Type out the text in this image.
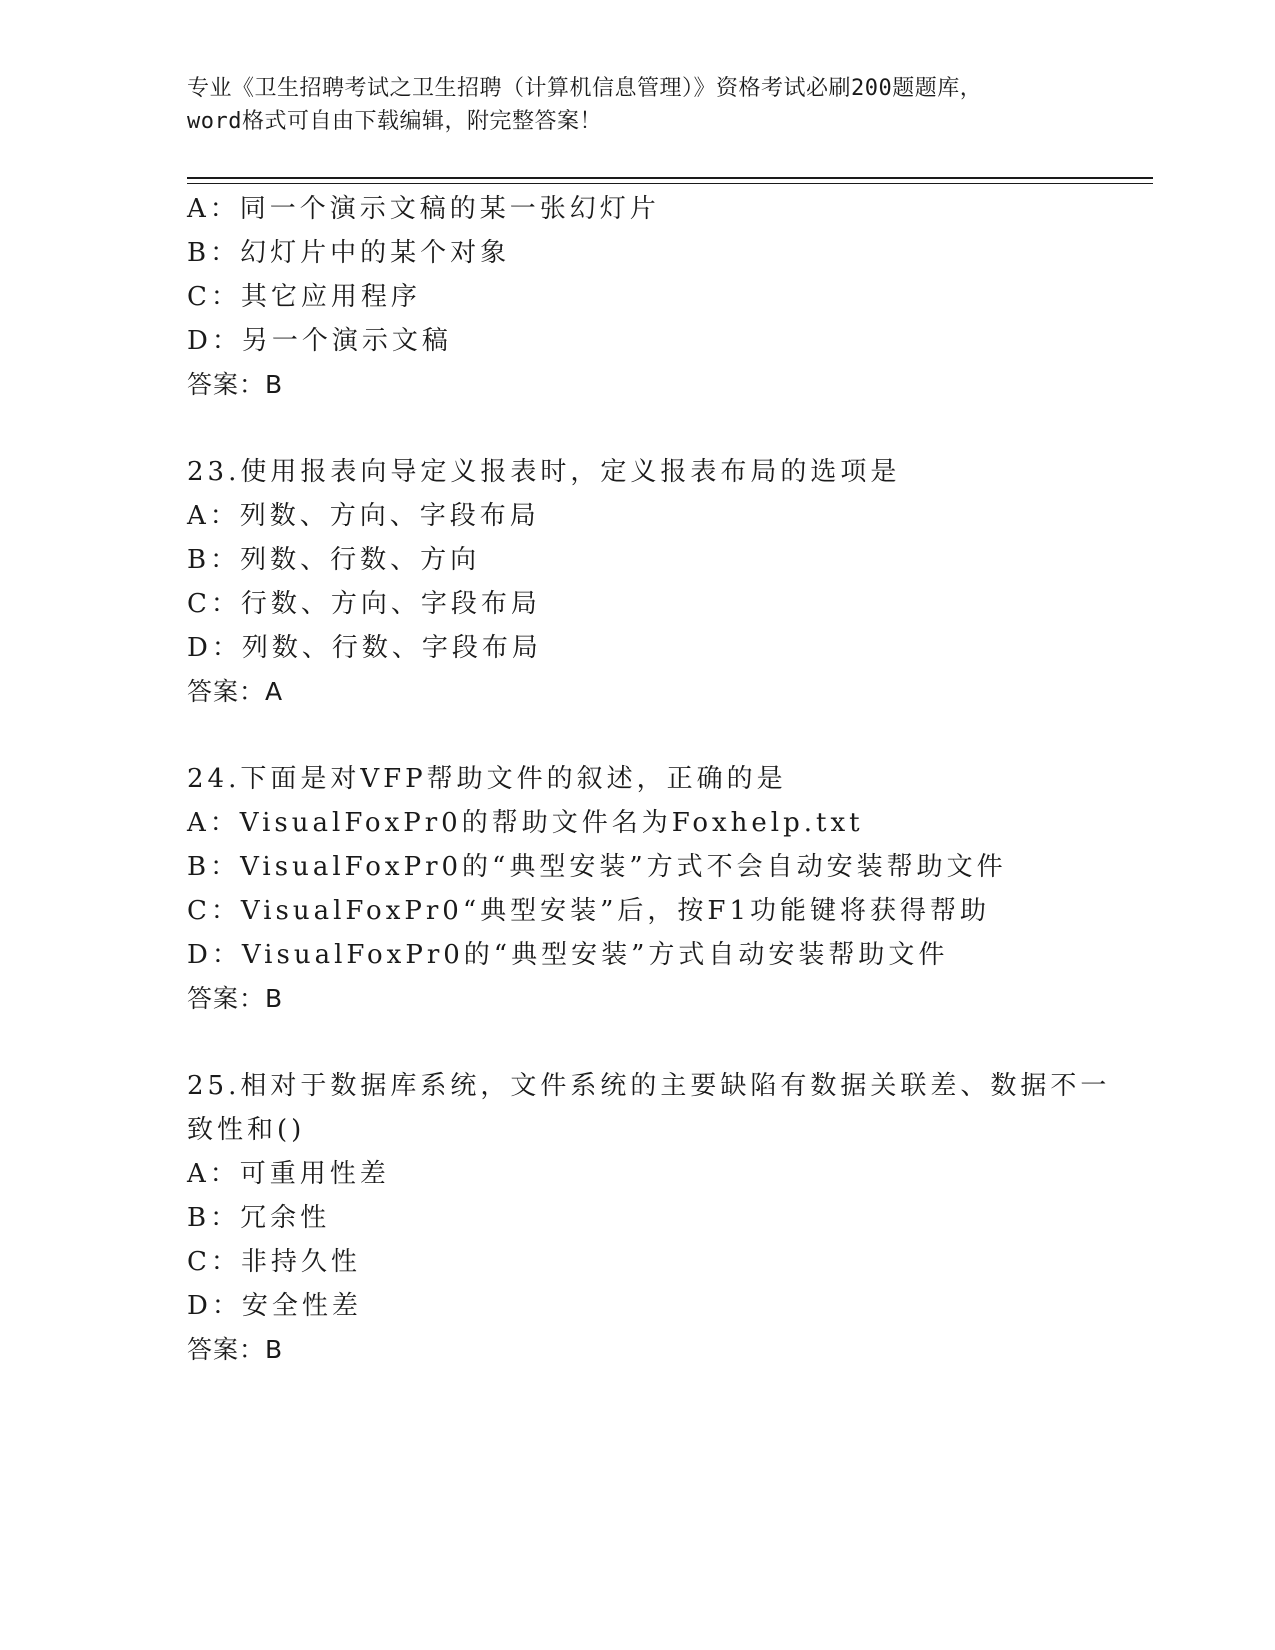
专业《卫生招聘考试之卫生招聘（计算机信息管理）》资格考试必刷200题题库，
word格式可自由下载编辑，附完整答案！
A：同一个演示文稿的某一张幻灯片
B：幻灯片中的某个对象
C：其它应用程序
D：另一个演示文稿
答案：B
23.使用报表向导定义报表时，定义报表布局的选项是
A：列数、方向、字段布局
B：列数、行数、方向
C：行数、方向、字段布局
D：列数、行数、字段布局
答案：A
24.下面是对VFP帮助文件的叙述，正确的是
A：VisualFoxPr0的帮助文件名为Foxhelp.txt
B：VisualFoxPr0的“典型安装”方式不会自动安装帮助文件
C：VisualFoxPr0“典型安装”后，按F1功能键将获得帮助
D：VisualFoxPr0的“典型安装”方式自动安装帮助文件
答案：B
25.相对于数据库系统，文件系统的主要缺陷有数据关联差、数据不一
致性和()
A：可重用性差
B：冗余性
C：非持久性
D：安全性差
答案：B
